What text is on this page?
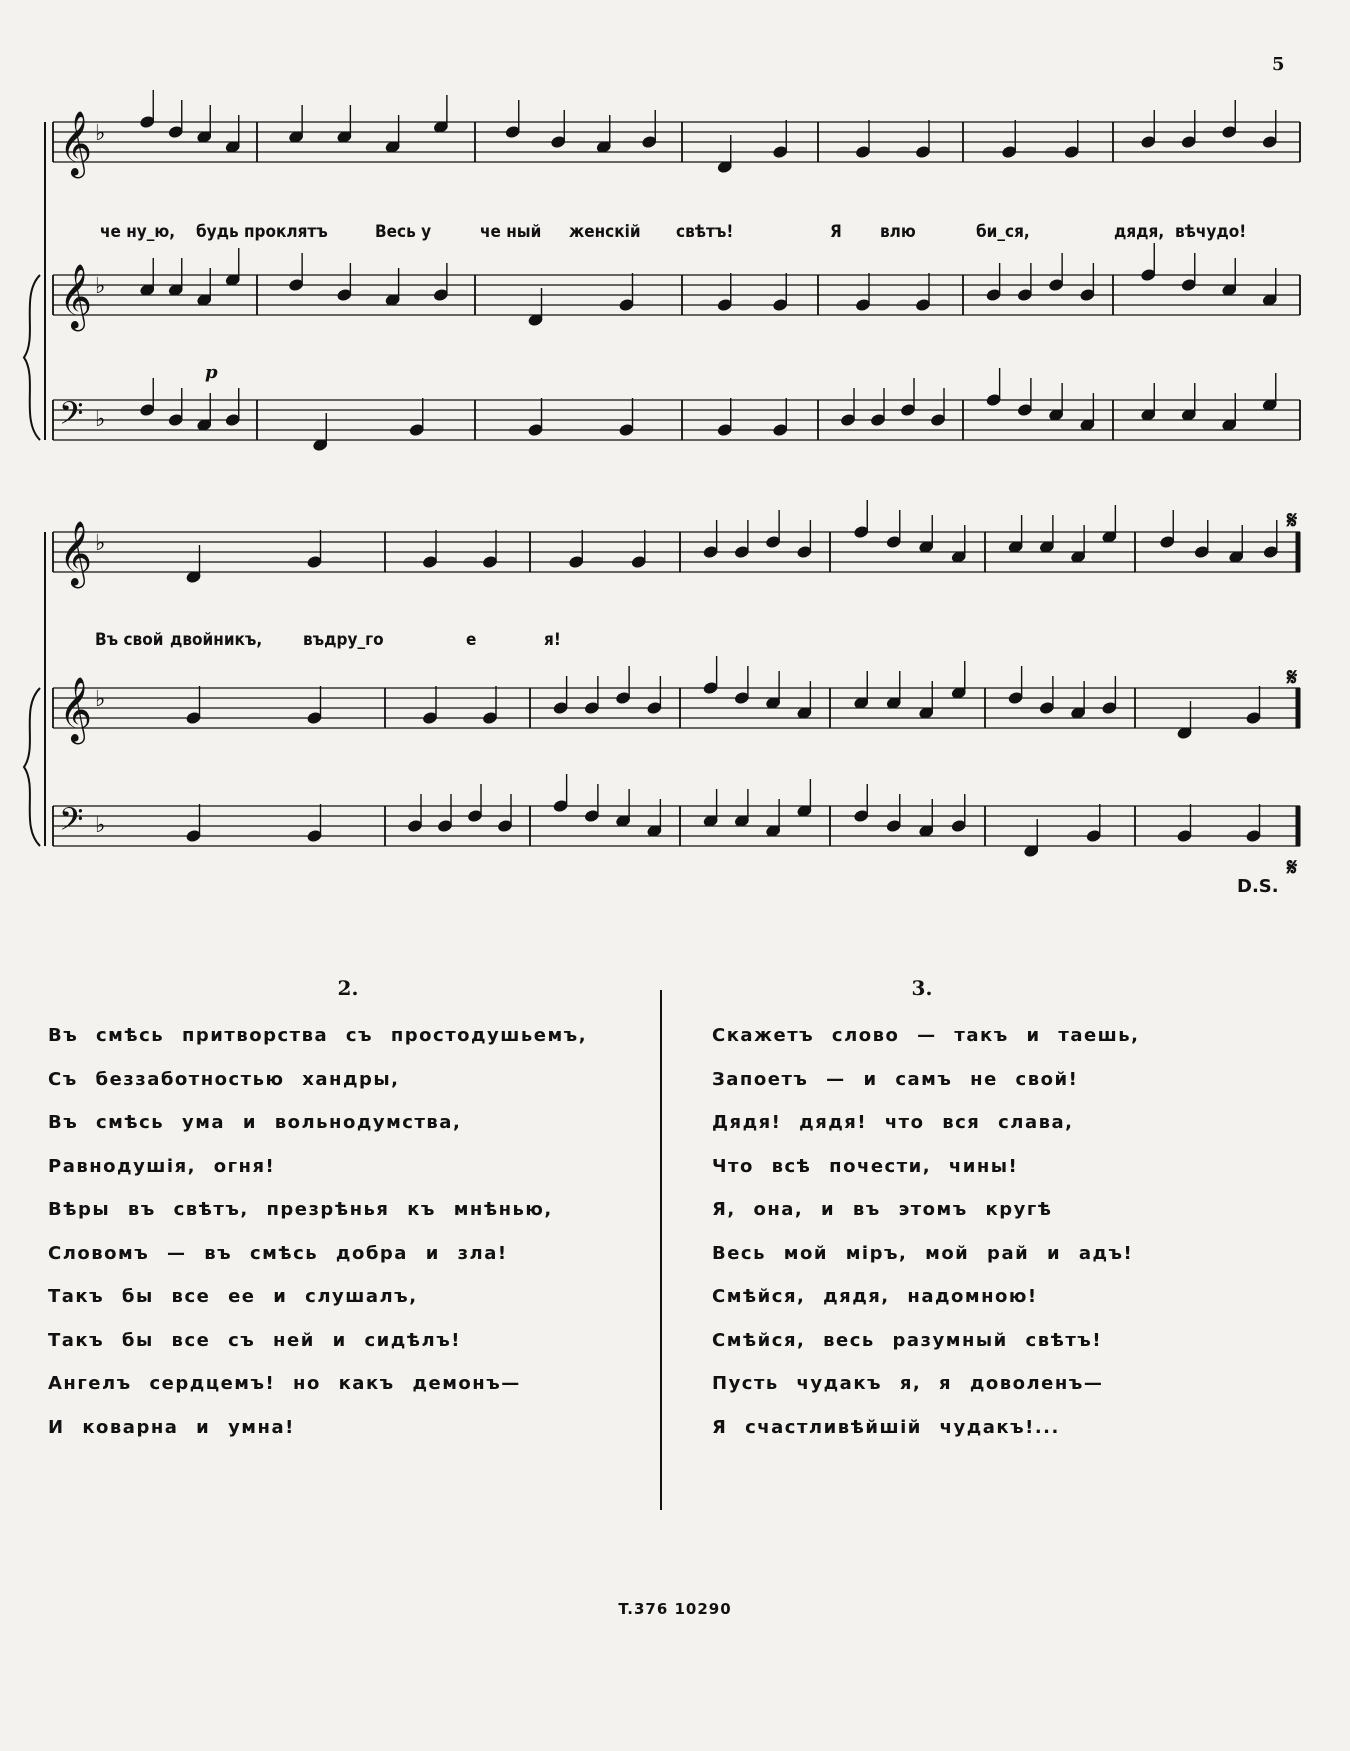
5
𝄞 ♭
𝄞 ♭
𝄢 ♭
𝄞 ♭
𝄞 ♭
𝄢 ♭
𝄋
𝄋
𝄋
p
D.S.
че ну_ю, будь проклятъ	Весь у	че ный женскій свѣтъ!	Я влю	би_ся,	дядя, вѣчудо!
Въ свой двойникъ, въдру_го	е	я!
2.
Въ смѣсь притворства съ простодушьемъ,
Съ беззаботностью хандры,
Въ смѣсь ума и вольнодумства,
Равнодушія, огня!
Вѣры въ свѣтъ, презрѣнья къ мнѣнью,
Словомъ — въ смѣсь добра и зла!
Такъ бы все ее и слушалъ,
Такъ бы все съ ней и сидѣлъ!
Ангелъ сердцемъ! но какъ демонъ—
И коварна и умна!
3.
Скажетъ слово — такъ и таешь,
Запоетъ — и самъ не свой!
Дядя! дядя! что вся слава,
Что всѣ почести, чины!
Я, она, и въ этомъ кругѣ
Весь мой міръ, мой рай и адъ!
Смѣйся, дядя, надомною!
Смѣйся, весь разумный свѣтъ!
Пусть чудакъ я, я доволенъ—
Я счастливѣйшій чудакъ!...
T.376 10290
